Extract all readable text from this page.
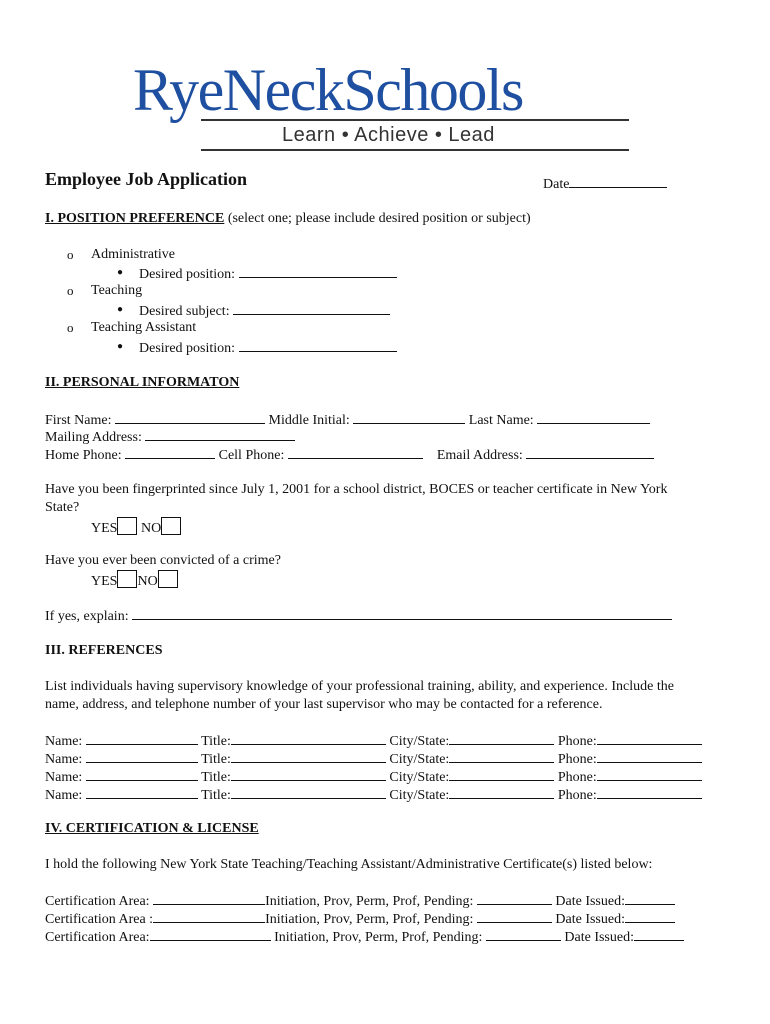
RyeNeckSchools
Learn • Achieve • Lead
Employee Job Application	Date
I. POSITION PREFERENCE (select one; please include desired position or subject)
o Administrative
● Desired position:
o Teaching
● Desired subject:
o Teaching Assistant
● Desired position:
II. PERSONAL INFORMATON
First Name:	Middle Initial:	Last Name:
Mailing Address:
Home Phone:	Cell Phone:	Email Address:
Have you been fingerprinted since July 1, 2001 for a school district, BOCES or teacher certificate in New York
State?
YES NO
Have you ever been convicted of a crime?
YES NO
If yes, explain:
III. REFERENCES
List individuals having supervisory knowledge of your professional training, ability, and experience. Include the
name, address, and telephone number of your last supervisor who may be contacted for a reference.
Name:	Title:	City/State:	Phone:
Name:	Title:	City/State:	Phone:
Name:	Title:	City/State:	Phone:
Name:	Title:	City/State:	Phone:
IV. CERTIFICATION & LICENSE
I hold the following New York State Teaching/Teaching Assistant/Administrative Certificate(s) listed below:
Certification Area:	Initiation, Prov, Perm, Prof, Pending:	Date Issued:
Certification Area :	Initiation, Prov, Perm, Prof, Pending:	Date Issued:
Certification Area:	Initiation, Prov, Perm, Prof, Pending:	Date Issued:
